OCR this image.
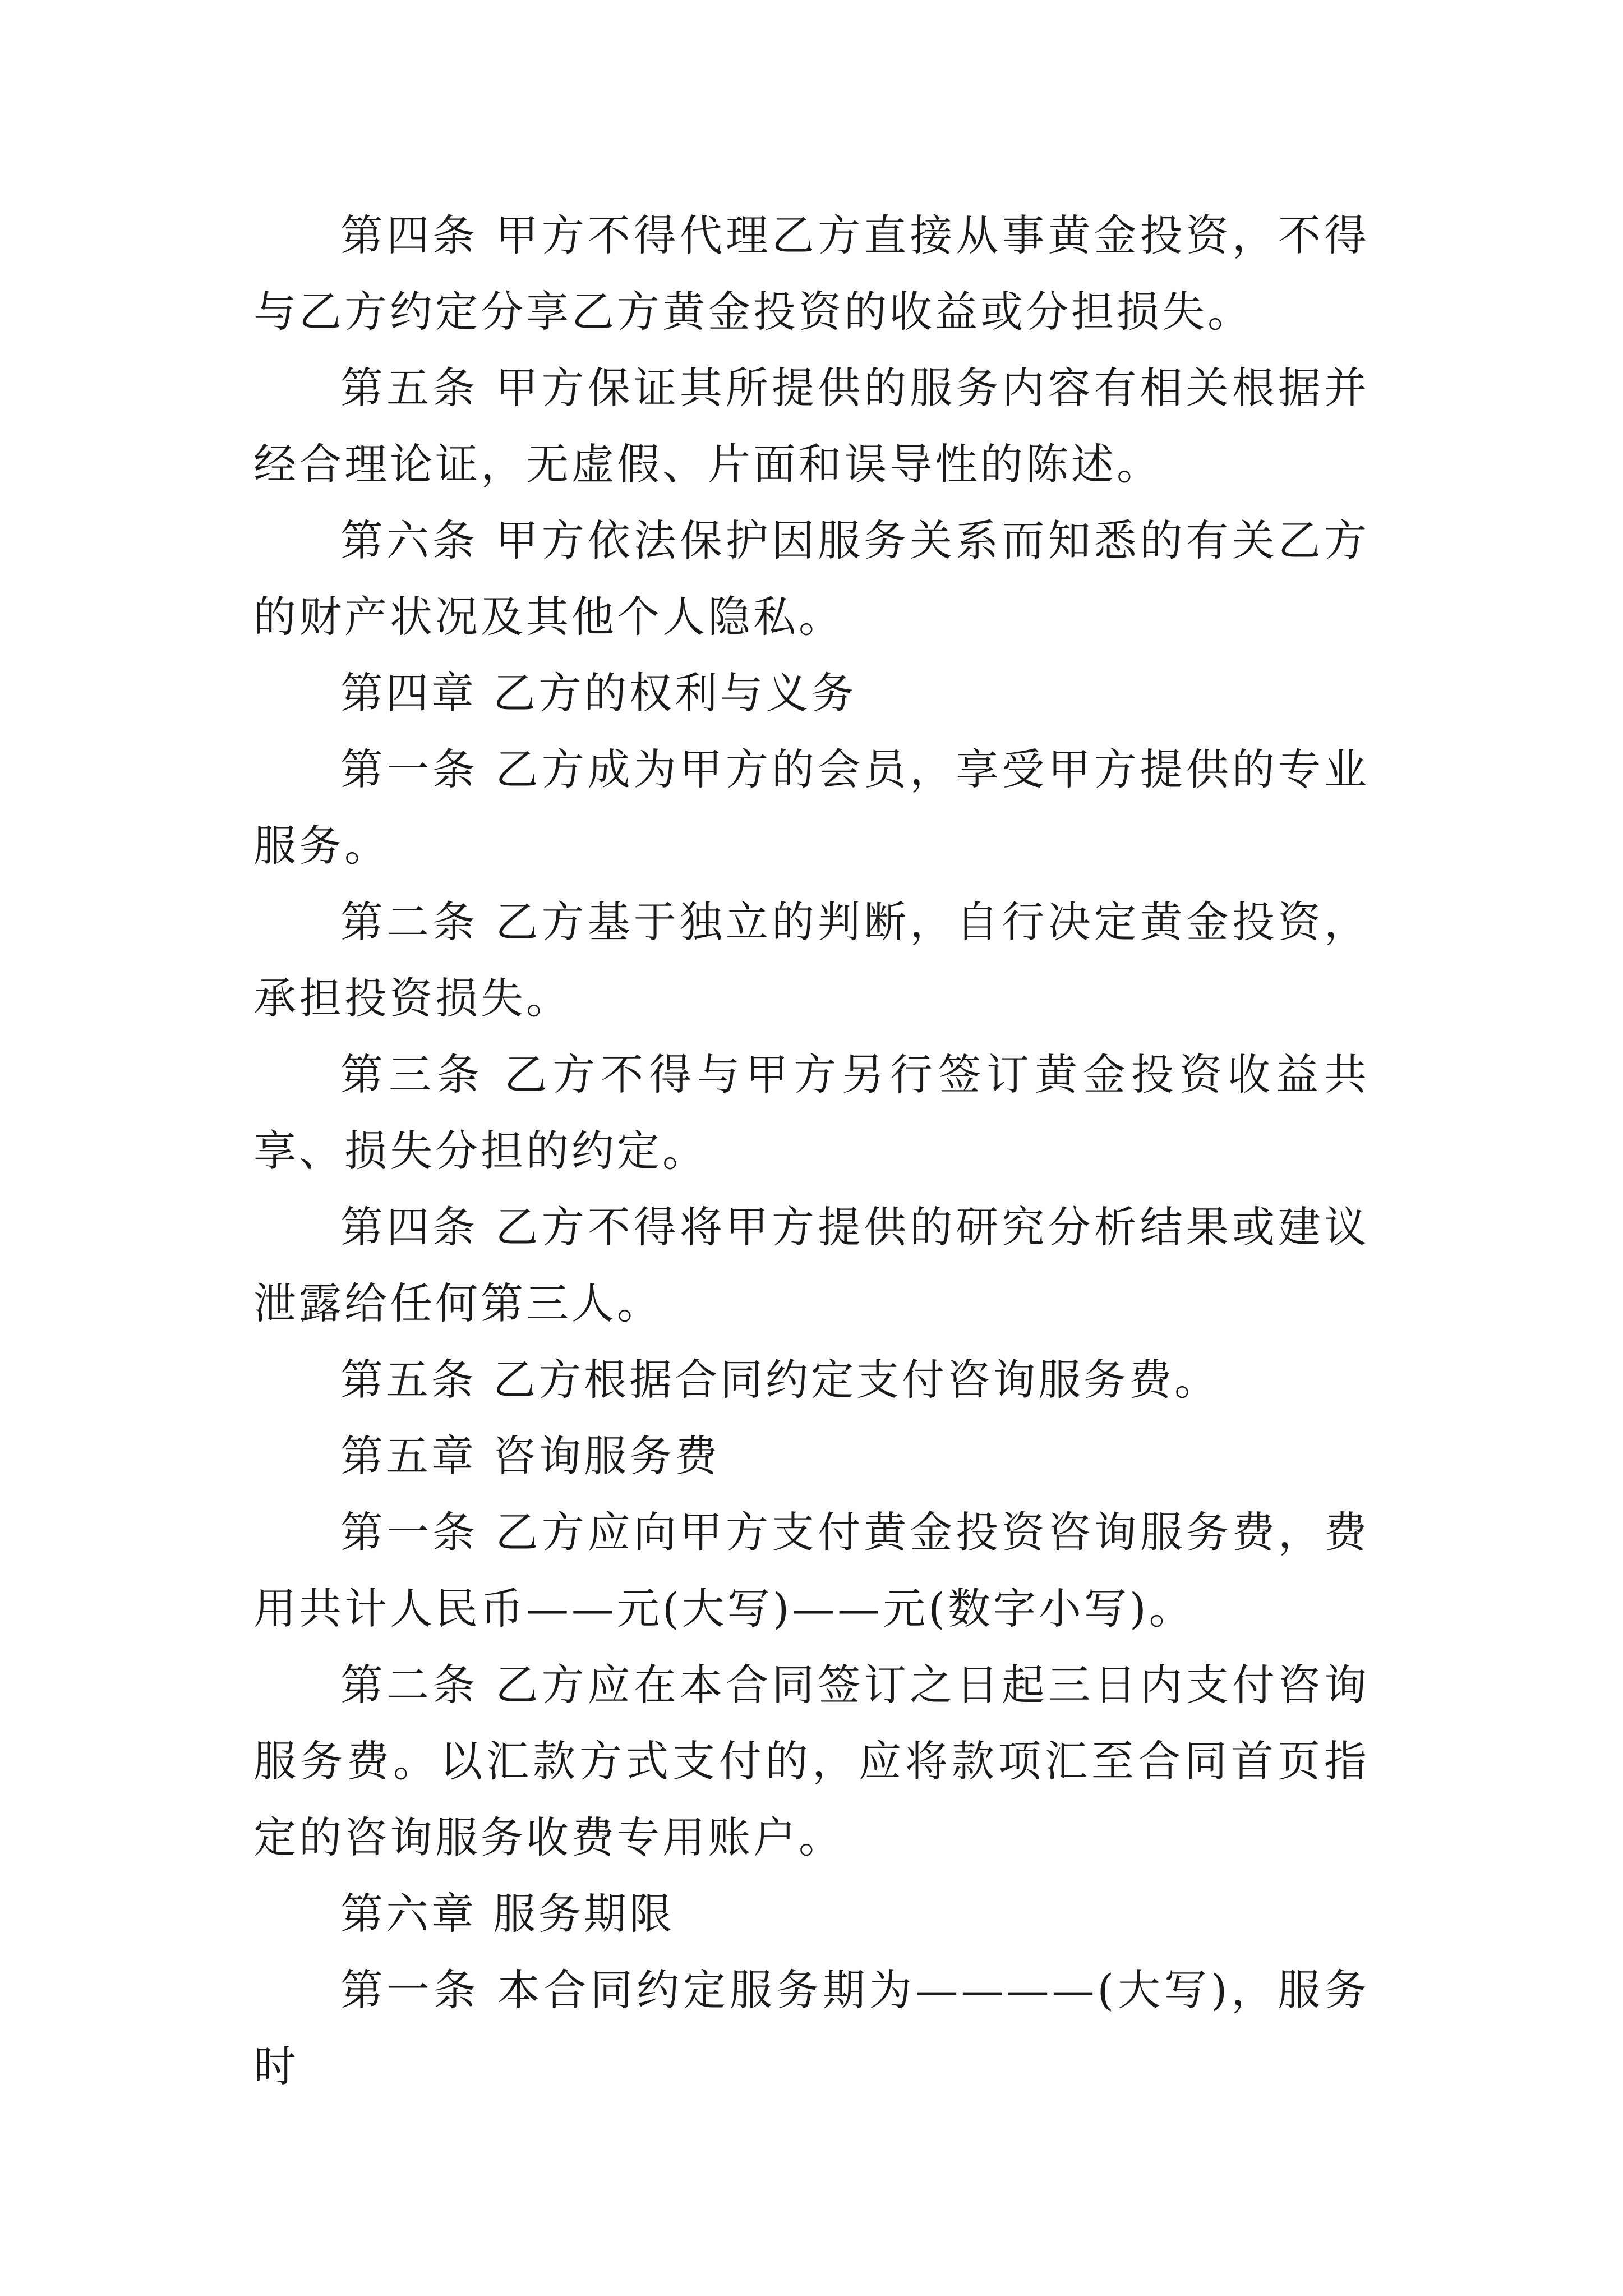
第四条 甲方不得代理乙方直接从事黄金投资，不得与乙方约定分享乙方黄金投资的收益或分担损失。

第五条 甲方保证其所提供的服务内容有相关根据并经合理论证，无虚假、片面和误导性的陈述。

第六条 甲方依法保护因服务关系而知悉的有关乙方的财产状况及其他个人隐私。

第四章 乙方的权利与义务

第一条 乙方成为甲方的会员，享受甲方提供的专业服务。

第二条 乙方基于独立的判断，自行决定黄金投资，承担投资损失。

第三条 乙方不得与甲方另行签订黄金投资收益共享、损失分担的约定。

第四条 乙方不得将甲方提供的研究分析结果或建议泄露给任何第三人。

第五条 乙方根据合同约定支付咨询服务费。

第五章 咨询服务费

第一条 乙方应向甲方支付黄金投资咨询服务费，费用共计人民币——元(大写)——元(数字小写)。

第二条 乙方应在本合同签订之日起三日内支付咨询服务费。以汇款方式支付的，应将款项汇至合同首页指定的咨询服务收费专用账户。

第六章 服务期限

第一条 本合同约定服务期为————(大写)，服务时
